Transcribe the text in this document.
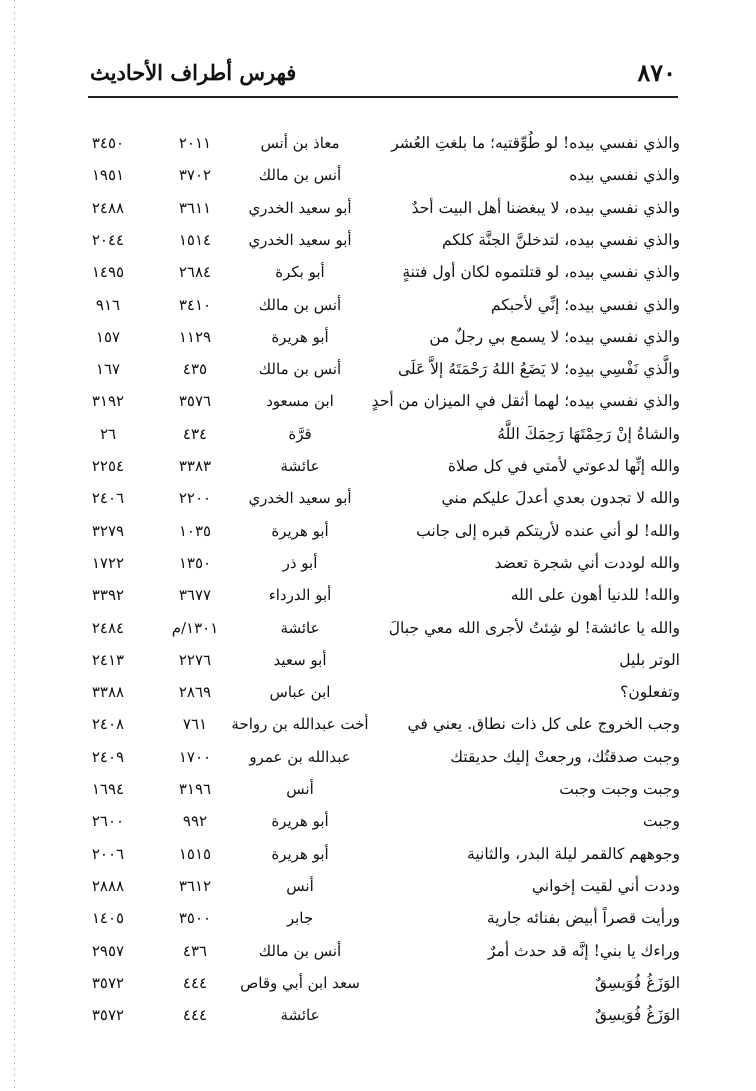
فهرس أطراف الأحاديث	٨٧٠
والذي نفسي بيده! لو طُوِّقتيه؛ ما بلغتِ العُشر
معاذ بن أنس
٢٠١١
٣٤٥٠
والذي نفسي بيده
أنس بن مالك
٣٧٠٢
١٩٥١
والذي نفسي بيده، لا يبغضنا أهل البيت أحدٌ
أبو سعيد الخدري
٣٦١١
٢٤٨٨
والذي نفسي بيده، لتدخلنَّ الجنَّة كلكم
أبو سعيد الخدري
١٥١٤
٢٠٤٤
والذي نفسي بيده، لو قتلتموه لكان أول فتنةٍ
أبو بكرة
٢٦٨٤
١٤٩٥
والذي نفسي بيده؛ إنِّي لأحبكم
أنس بن مالك
٣٤١٠
٩١٦
والذي نفسي بيده؛ لا يسمع بي رجلٌ من
أبو هريرة
١١٢٩
١٥٧
والَّذي نَفْسِي بيدِه؛ لا يَضَعُ اللهُ رَحْمَتَهُ إلاَّ عَلَى
أنس بن مالك
٤٣٥
١٦٧
والذي نفسي بيده؛ لهما أثقل في الميزان من أحدٍ
ابن مسعود
٣٥٧٦
٣١٩٢
والشاةُ إنْ رَحِمْتَهَا رَحِمَكَ اللَّهُ
قرَّة
٤٣٤
٢٦
والله إنِّها لدعوتي لأمتي في كل صلاة
عائشة
٣٣٨٣
٢٢٥٤
والله لا تجدون بعدي أعدلَ عليكم مني
أبو سعيد الخدري
٢٢٠٠
٢٤٠٦
والله! لو أني عنده لأريتكم قبره إلى جانب
أبو هريرة
١٠٣٥
٣٢٧٩
والله لوددت أني شجرة تعضد
أبو ذر
١٣٥٠
١٧٢٢
والله! للدنيا أهون على الله
أبو الدرداء
٣٦٧٧
٣٣٩٢
والله يا عائشة! لو شِئتُ لأجرى الله معي جبالَ
عائشة
١٣٠١/م
٢٤٨٤
الوتر بليل
أبو سعيد
٢٢٧٦
٢٤١٣
وتفعلون؟
ابن عباس
٢٨٦٩
٣٣٨٨
وجب الخروج على كل ذات نطاق. يعني في
أخت عبدالله بن رواحة
٧٦١
٢٤٠٨
وجبت صدقتُك، ورجعتْ إليك حديقتك
عبدالله بن عمرو
١٧٠٠
٢٤٠٩
وجبت وجبت وجبت
أنس
٣١٩٦
١٦٩٤
وجبت
أبو هريرة
٩٩٢
٢٦٠٠
وجوههم كالقمر ليلة البدر، والثانية
أبو هريرة
١٥١٥
٢٠٠٦
وددت أني لقيت إخواني
أنس
٣٦١٢
٢٨٨٨
ورأيت قصراً أبيض بفنائه جارية
جابر
٣٥٠٠
١٤٠٥
وراءك يا بني! إنَّه قد حدث أمرٌ
أنس بن مالك
٤٣٦
٢٩٥٧
الوَزَغُ فُوَيسِقٌ
سعد ابن أبي وقاص
٤٤٤
٣٥٧٢
الوَزَغُ فُوَيسِقٌ
عائشة
٤٤٤
٣٥٧٢
